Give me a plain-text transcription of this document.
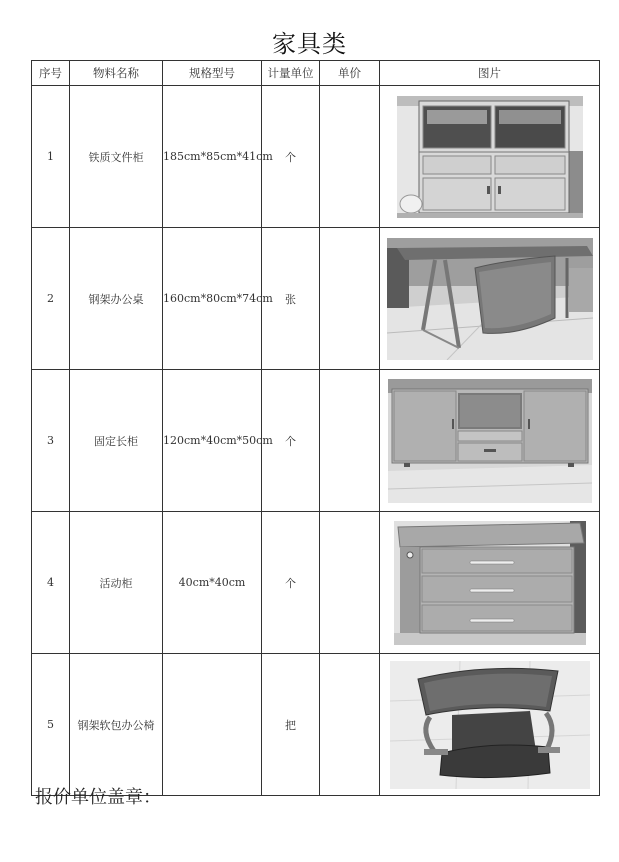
家具类
序号	物料名称	规格型号	计量单位	单价	图片
1	铁质文件柜	185cm*85cm*41cm	个		

2	钢架办公桌	160cm*80cm*74cm	张		

3	固定长柜	120cm*40cm*50cm	个		

4	活动柜	40cm*40cm	个		

5	钢架软包办公椅		把		
报价单位盖章：
